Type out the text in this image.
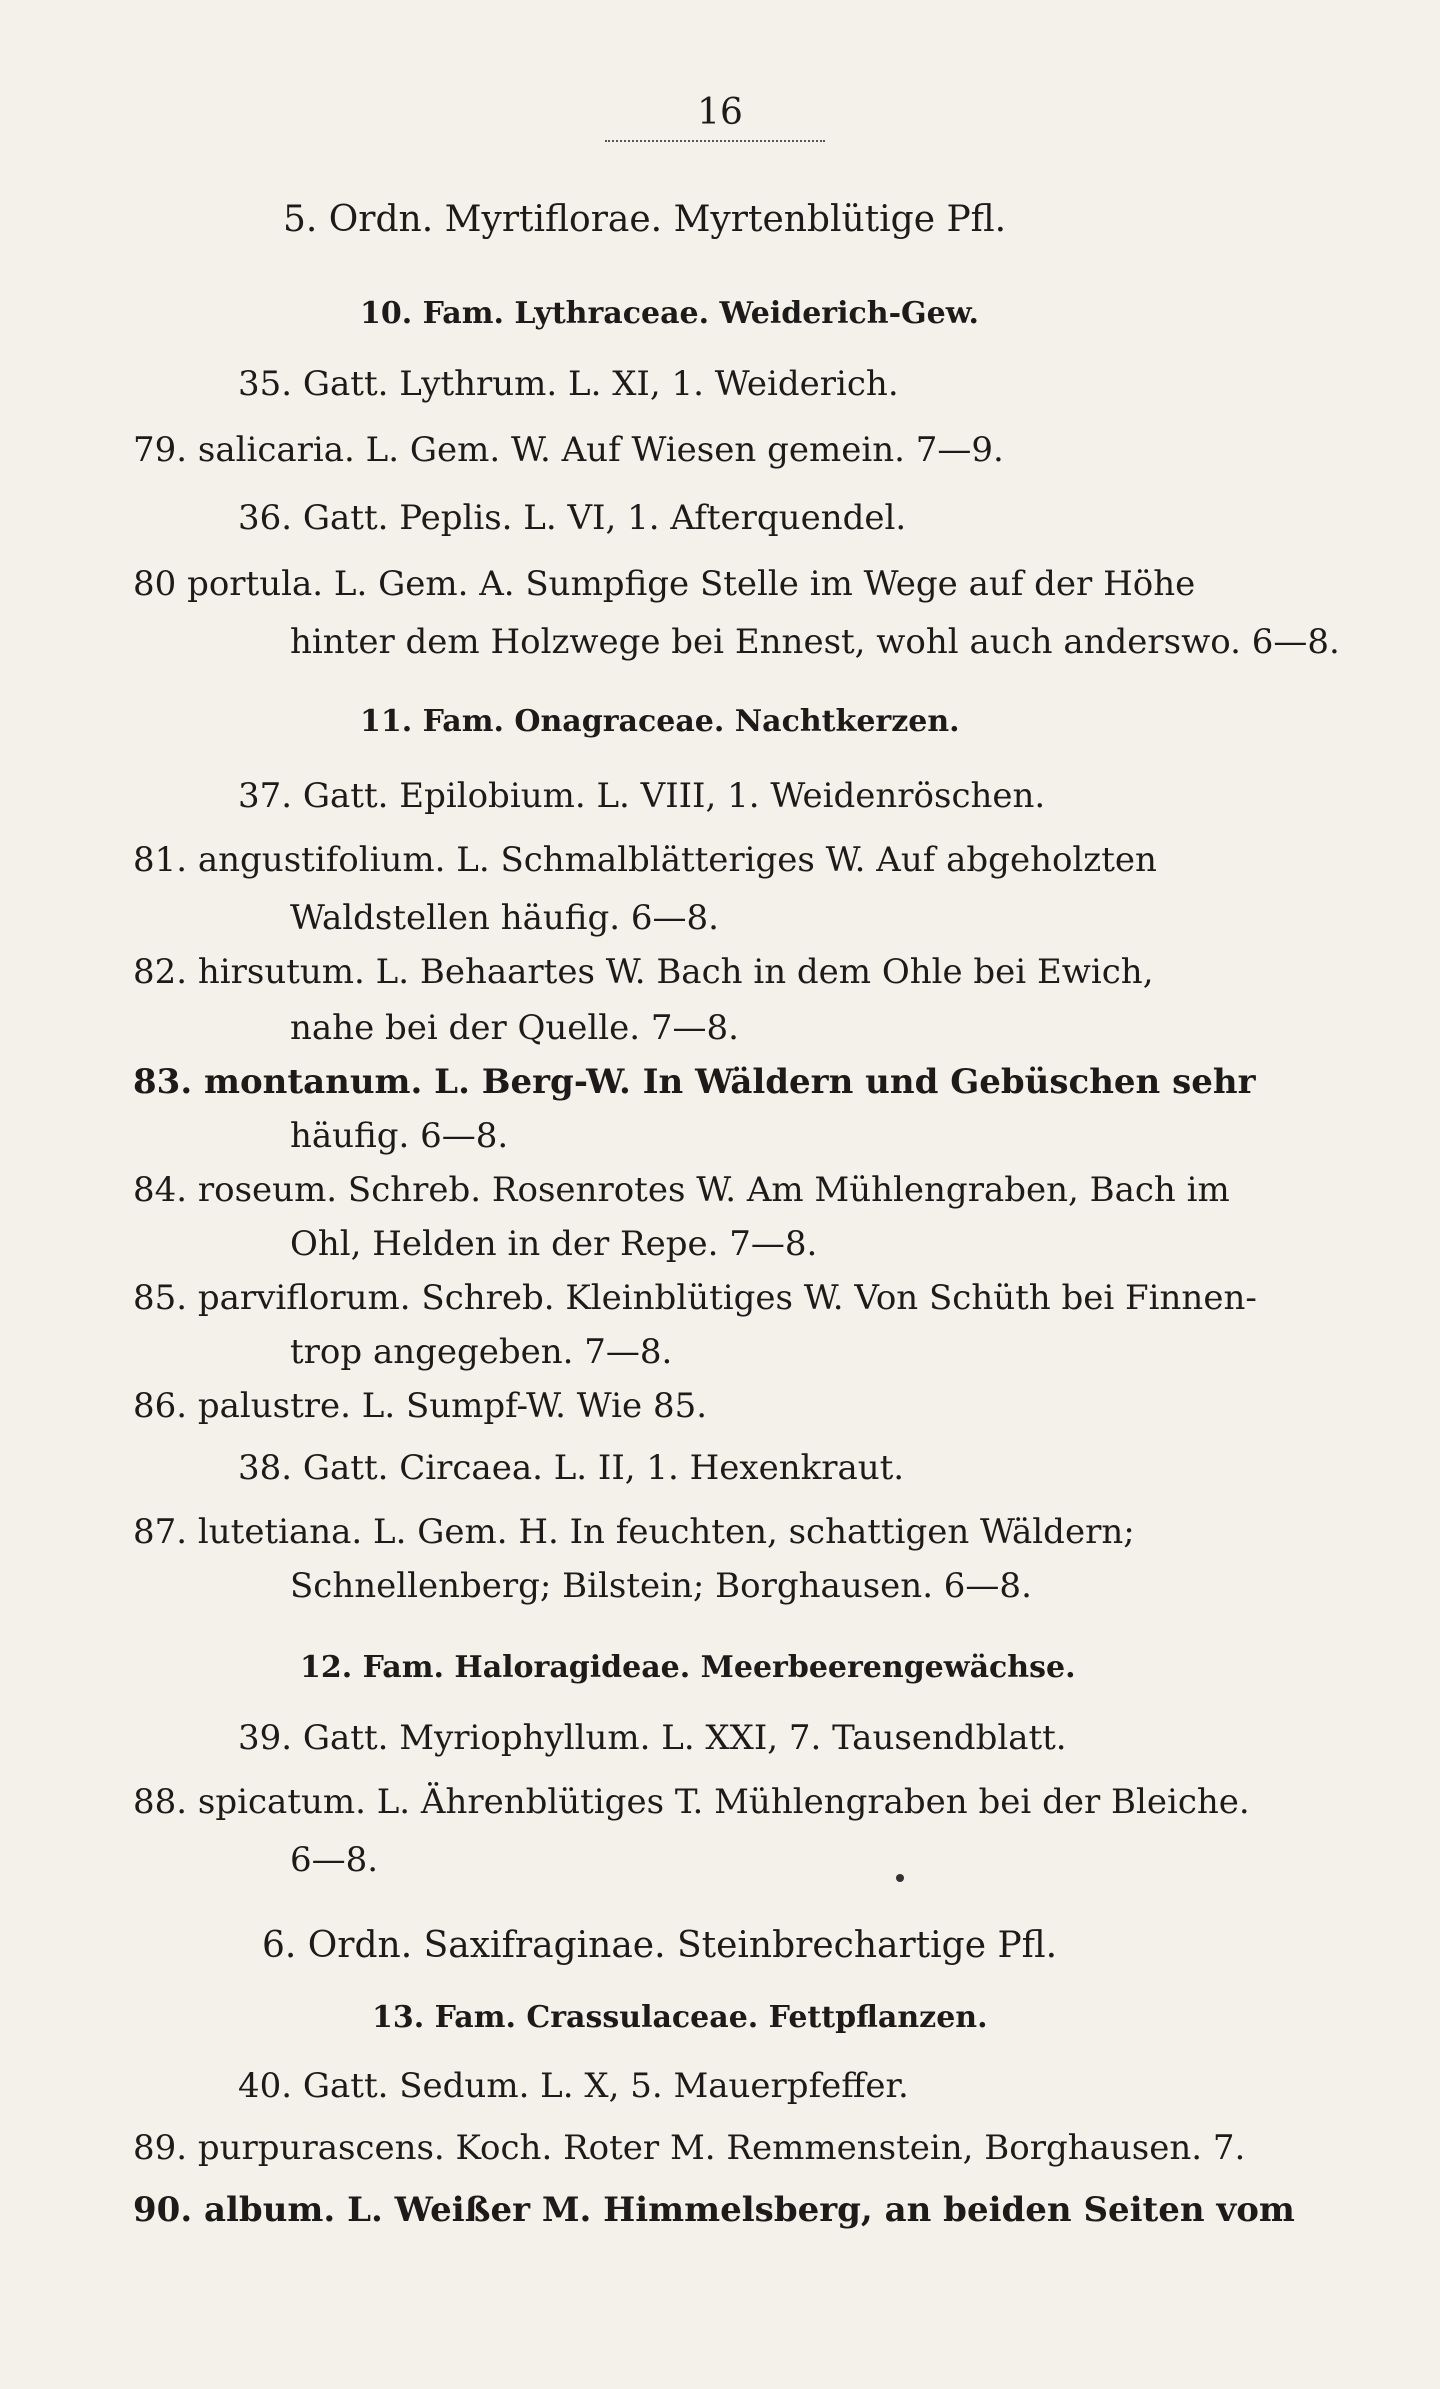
16
5. Ordn. Myrtiflorae. Myrtenblütige Pfl.
10. Fam. Lythraceae. Weiderich-Gew.
35. Gatt. Lythrum. L. XI, 1. Weiderich.
79. salicaria. L. Gem. W. Auf Wiesen gemein. 7—9.
36. Gatt. Peplis. L. VI, 1. Afterquendel.
80 portula. L. Gem. A. Sumpfige Stelle im Wege auf der Höhe
hinter dem Holzwege bei Ennest, wohl auch anderswo. 6—8.
11. Fam. Onagraceae. Nachtkerzen.
37. Gatt. Epilobium. L. VIII, 1. Weidenröschen.
81. angustifolium. L. Schmalblätteriges W. Auf abgeholzten
Waldstellen häufig. 6—8.
82. hirsutum. L. Behaartes W. Bach in dem Ohle bei Ewich,
nahe bei der Quelle. 7—8.
83. montanum. L. Berg-W. In Wäldern und Gebüschen sehr
häufig. 6—8.
84. roseum. Schreb. Rosenrotes W. Am Mühlengraben, Bach im
Ohl, Helden in der Repe. 7—8.
85. parviflorum. Schreb. Kleinblütiges W. Von Schüth bei Finnen-
trop angegeben. 7—8.
86. palustre. L. Sumpf-W. Wie 85.
38. Gatt. Circaea. L. II, 1. Hexenkraut.
87. lutetiana. L. Gem. H. In feuchten, schattigen Wäldern;
Schnellenberg; Bilstein; Borghausen. 6—8.
12. Fam. Haloragideae. Meerbeerengewächse.
39. Gatt. Myriophyllum. L. XXI, 7. Tausendblatt.
88. spicatum. L. Ährenblütiges T. Mühlengraben bei der Bleiche.
6—8.
6. Ordn. Saxifraginae. Steinbrechartige Pfl.
13. Fam. Crassulaceae. Fettpflanzen.
40. Gatt. Sedum. L. X, 5. Mauerpfeffer.
89. purpurascens. Koch. Roter M. Remmenstein, Borghausen. 7.
90. album. L. Weißer M. Himmelsberg, an beiden Seiten vom
